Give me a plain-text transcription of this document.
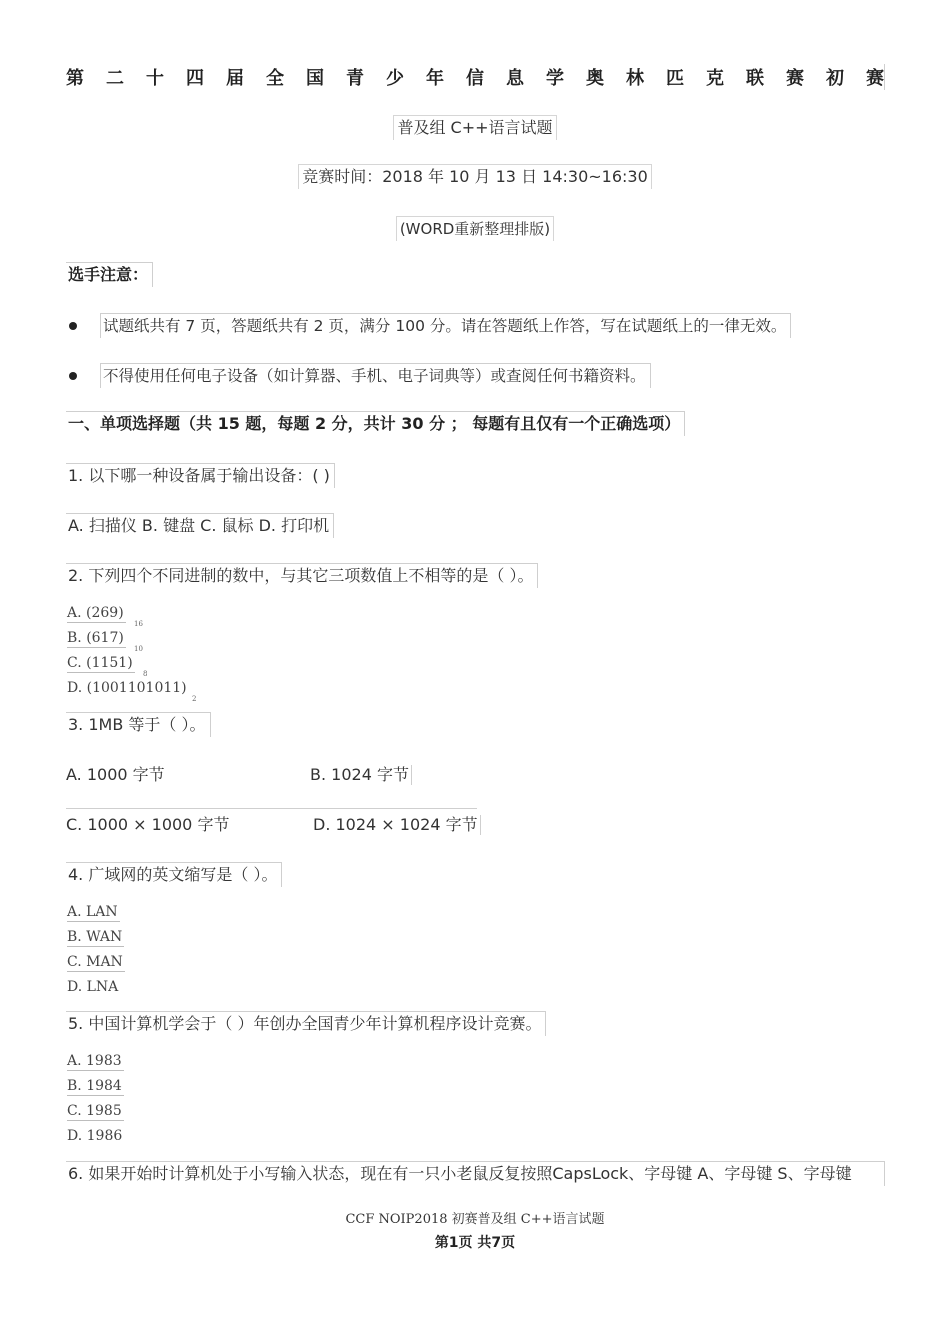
第 二 十 四 届 全 国 青 少 年 信 息 学 奥 林 匹 克 联 赛 初 赛
普及组 C++语言试题
竞赛时间：2018 年 10 月 13 日 14:30~16:30
(WORD重新整理排版)
选手注意：
试题纸共有 7 页，答题纸共有 2 页，满分 100 分。请在答题纸上作答，写在试题纸上的一律无效。
不得使用任何电子设备（如计算器、手机、电子词典等）或查阅任何书籍资料。
一、单项选择题（共 15 题，每题 2 分，共计 30 分 ； 每题有且仅有一个正确选项）
1. 以下哪一种设备属于输出设备：( )
A. 扫描仪 B. 键盘 C. 鼠标 D. 打印机
2. 下列四个不同进制的数中，与其它三项数值上不相等的是（ ）。
A. (269)
16
B. (617)
10
C. (1151)
8
D. (1001101011)
2
3. 1MB 等于（ ）。
A. 1000 字节	B. 1024 字节
C. 1000 × 1000 字节	D. 1024 × 1024 字节
4. 广域网的英文缩写是（ ）。
A. LAN
B. WAN
C. MAN
D. LNA
5. 中国计算机学会于（ ）年创办全国青少年计算机程序设计竞赛。
A. 1983
B. 1984
C. 1985
D. 1986
6. 如果开始时计算机处于小写输入状态，现在有一只小老鼠反复按照CapsLock、字母键 A、字母键 S、字母键
CCF NOIP2018 初赛普及组 C++语言试题
第1页 共7页
